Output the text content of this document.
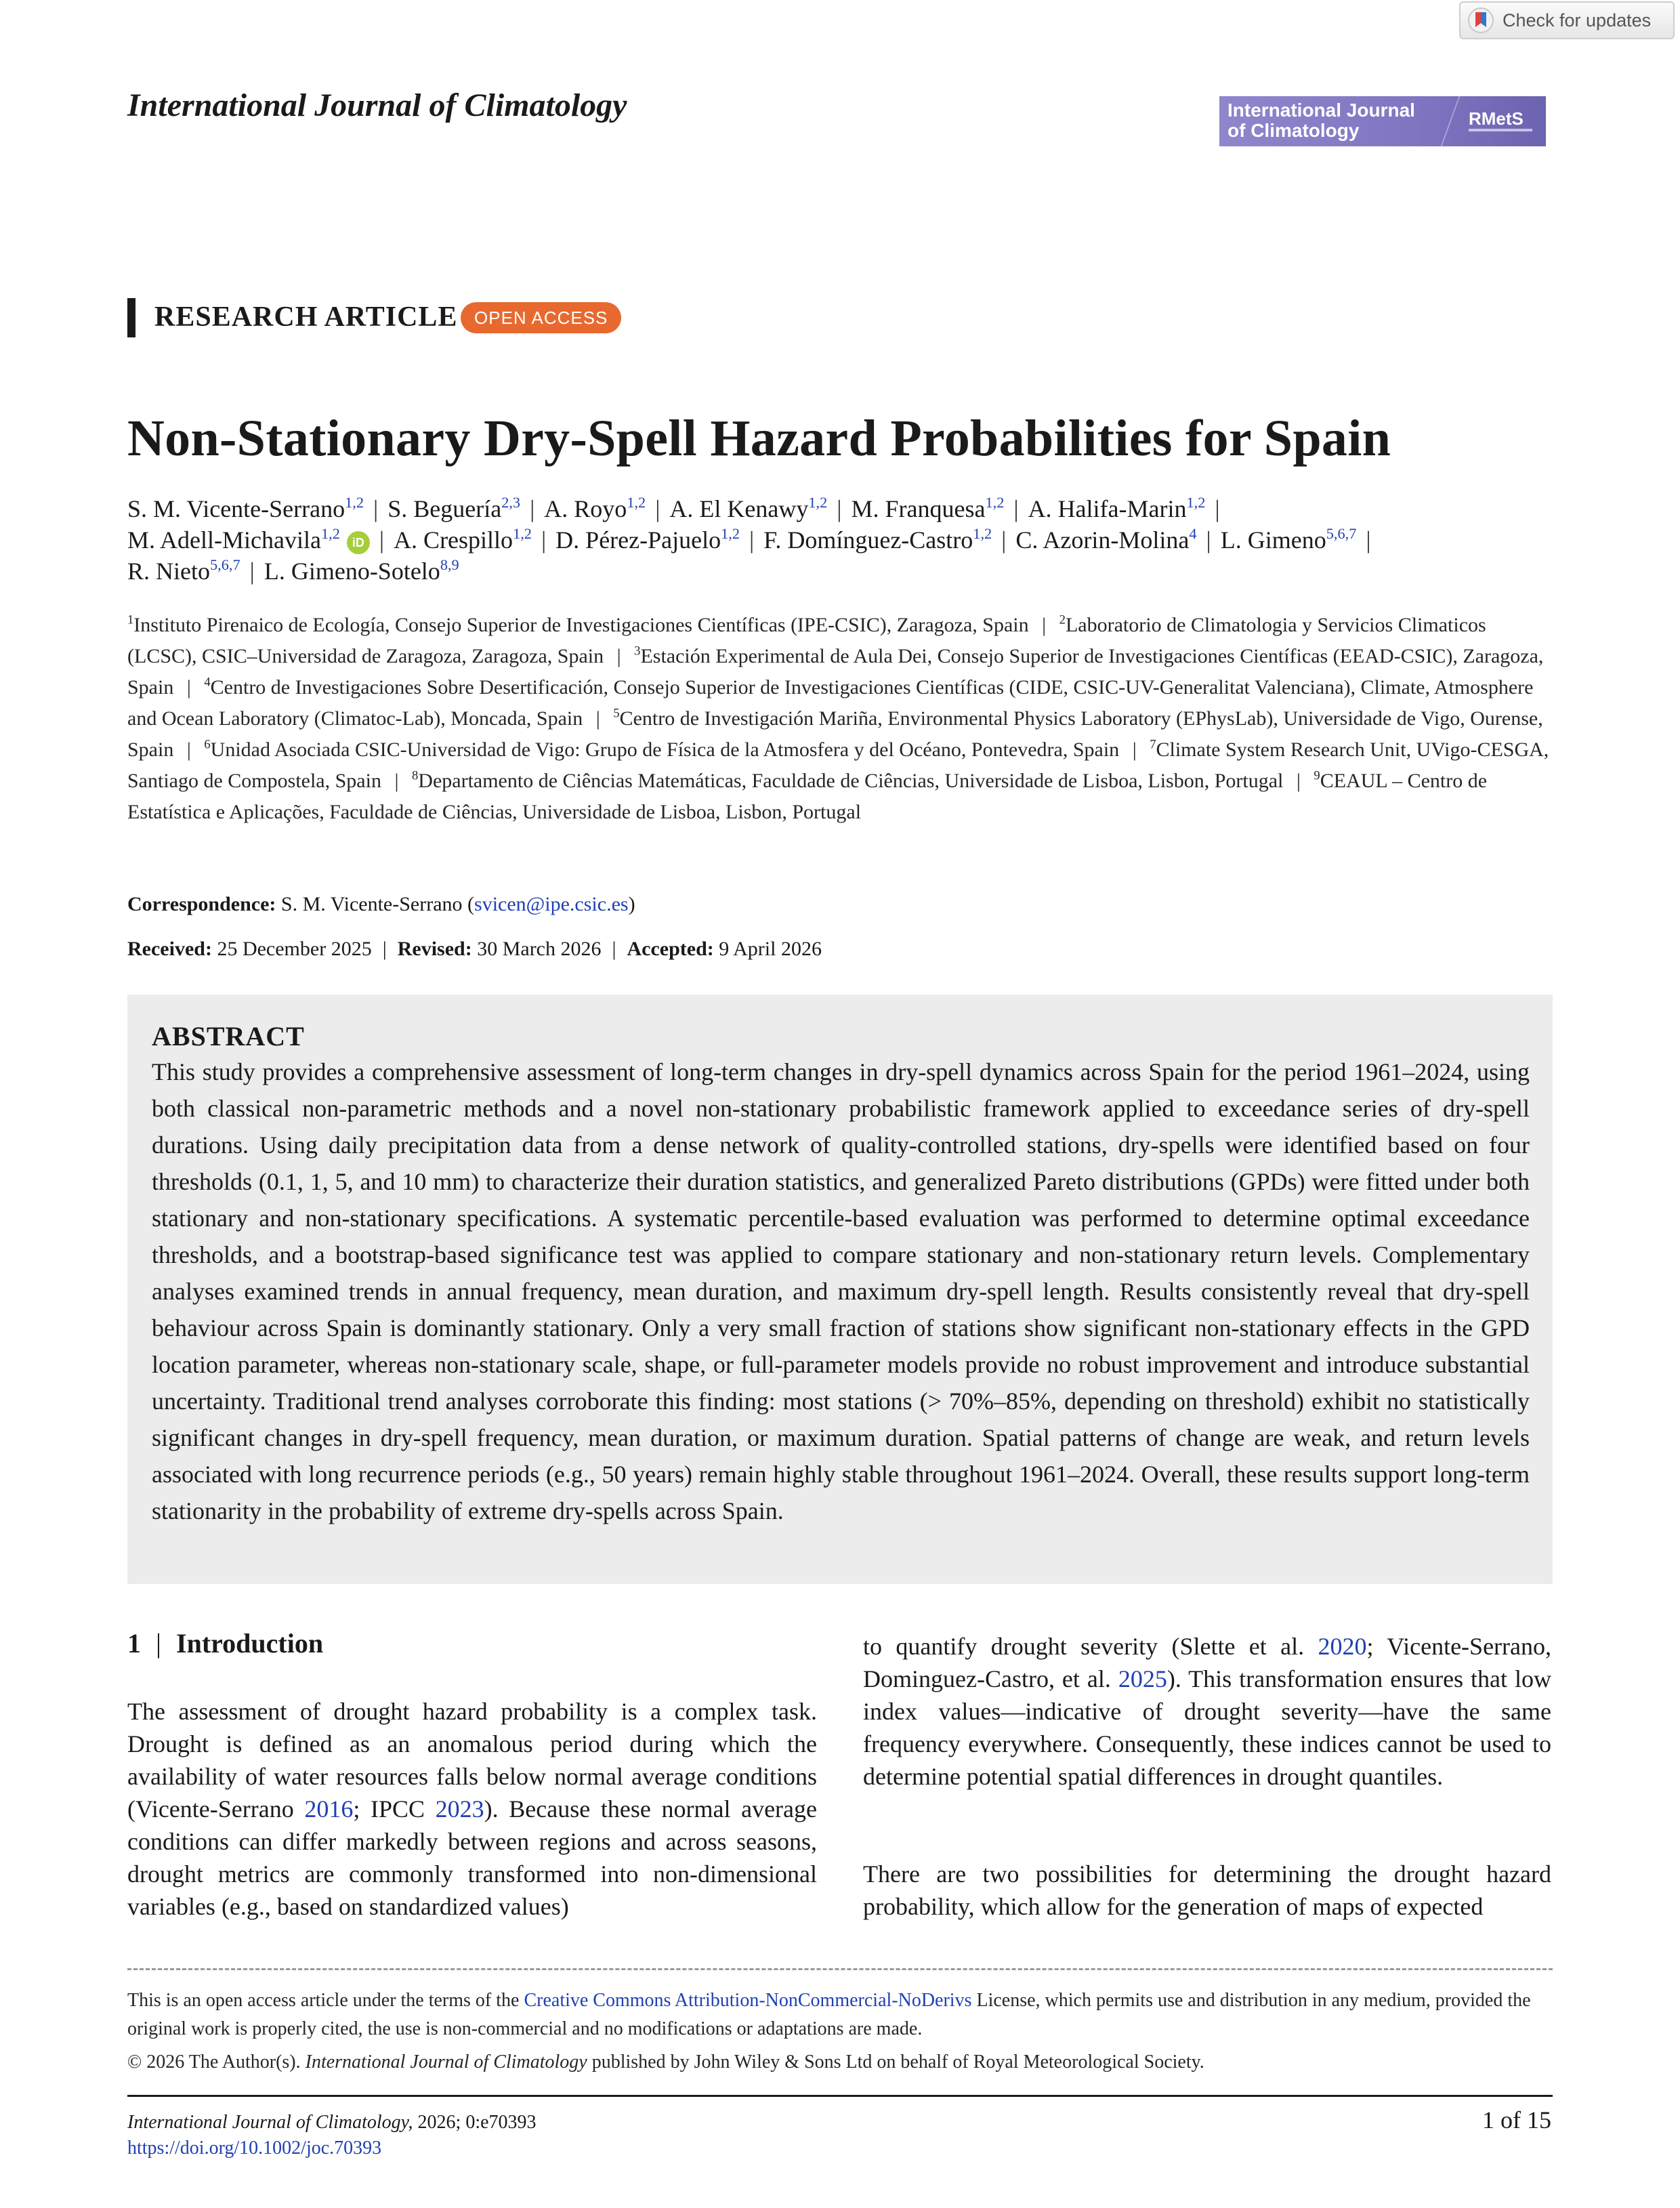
Check for updates
International Journal of Climatology	International Journal
of Climatology
RMetS
RESEARCH ARTICLE OPEN ACCESS
Non-Stationary Dry-Spell Hazard Probabilities for Spain
S. M. Vicente-Serrano$^{1,2}$ | S. Beguería$^{2,3}$ | A. Royo$^{1,2}$ | A. El Kenawy$^{1,2}$ | M. Franquesa$^{1,2}$ | A. Halifa-Marin$^{1,2}$ |
M. Adell-Michavila$^{1,2}$iD | A. Crespillo$^{1,2}$ | D. Pérez-Pajuelo$^{1,2}$ | F. Domínguez-Castro$^{1,2}$ | C. Azorin-Molina$^4$ | L. Gimeno$^{5,6,7}$ |
R. Nieto$^{5,6,7}$ | L. Gimeno-Sotelo$^{8,9}$
$^1$Instituto Pirenaico de Ecología, Consejo Superior de Investigaciones Científicas (IPE-CSIC), Zaragoza, Spain | $^2$Laboratorio de Climatologia y Servicios Climaticos (LCSC), CSIC–Universidad de Zaragoza, Zaragoza, Spain | $^3$Estación Experimental de Aula Dei, Consejo Superior de Investigaciones Científicas (EEAD-CSIC), Zaragoza, Spain | $^4$Centro de Investigaciones Sobre Desertificación, Consejo Superior de Investigaciones Científicas (CIDE, CSIC-UV-Generalitat Valenciana), Climate, Atmosphere and Ocean Laboratory (Climatoc-Lab), Moncada, Spain | $^5$Centro de Investigación Mariña, Environmental Physics Laboratory (EPhysLab), Universidade de Vigo, Ourense, Spain | $^6$Unidad Asociada CSIC-Universidad de Vigo: Grupo de Física de la Atmosfera y del Océano, Pontevedra, Spain | $^7$Climate System Research Unit, UVigo-CESGA, Santiago de Compostela, Spain | $^8$Departamento de Ciências Matemáticas, Faculdade de Ciências, Universidade de Lisboa, Lisbon, Portugal | $^9$CEAUL – Centro de Estatística e Aplicações, Faculdade de Ciências, Universidade de Lisboa, Lisbon, Portugal
Correspondence: S. M. Vicente-Serrano (svicen@ipe.csic.es)
Received: 25 December 2025 | Revised: 30 March 2026 | Accepted: 9 April 2026
ABSTRACT
This study provides a comprehensive assessment of long-term changes in dry-spell dynamics across Spain for the period 1961–2024, using both classical non-parametric methods and a novel non-stationary probabilistic framework applied to exceedance series of dry-spell durations. Using daily precipitation data from a dense network of quality-controlled stations, dry-spells were identified based on four thresholds (0.1, 1, 5, and 10 mm) to characterize their duration statistics, and generalized Pareto distributions (GPDs) were fitted under both stationary and non-stationary specifications. A systematic percentile-based evaluation was performed to determine optimal exceedance thresholds, and a bootstrap-based significance test was applied to compare stationary and non-stationary return levels. Complementary analyses examined trends in annual frequency, mean duration, and maximum dry-spell length. Results consistently reveal that dry-spell behaviour across Spain is dominantly stationary. Only a very small fraction of stations show significant non-stationary effects in the GPD location parameter, whereas non-stationary scale, shape, or full-parameter models provide no robust improvement and introduce substantial uncertainty. Traditional trend analyses corroborate this finding: most stations (> 70%–85%, depending on threshold) exhibit no statistically significant changes in dry-spell frequency, mean duration, or maximum duration. Spatial patterns of change are weak, and return levels associated with long recurrence periods (e.g., 50 years) remain highly stable throughout 1961–2024. Overall, these results support long-term stationarity in the probability of extreme dry-spells across Spain.
1 | Introduction
The assessment of drought hazard probability is a complex task. Drought is defined as an anomalous period during which the availability of water resources falls below normal average conditions (Vicente-Serrano 2016; IPCC 2023). Because these normal average conditions can differ markedly between regions and across seasons, drought metrics are commonly transformed into non-dimensional variables (e.g., based on standardized values)
to quantify drought severity (Slette et al. 2020; Vicente-Serrano, Dominguez-Castro, et al. 2025). This transformation ensures that low index values—indicative of drought severity—have the same frequency everywhere. Consequently, these indices cannot be used to determine potential spatial differences in drought quantiles.
There are two possibilities for determining the drought hazard probability, which allow for the generation of maps of expected
This is an open access article under the terms of the Creative Commons Attribution-NonCommercial-NoDerivs License, which permits use and distribution in any medium, provided the original work is properly cited, the use is non-commercial and no modifications or adaptations are made.
© 2026 The Author(s). International Journal of Climatology published by John Wiley & Sons Ltd on behalf of Royal Meteorological Society.
International Journal of Climatology, 2026; 0:e70393
https://doi.org/10.1002/joc.70393
1 of 15
